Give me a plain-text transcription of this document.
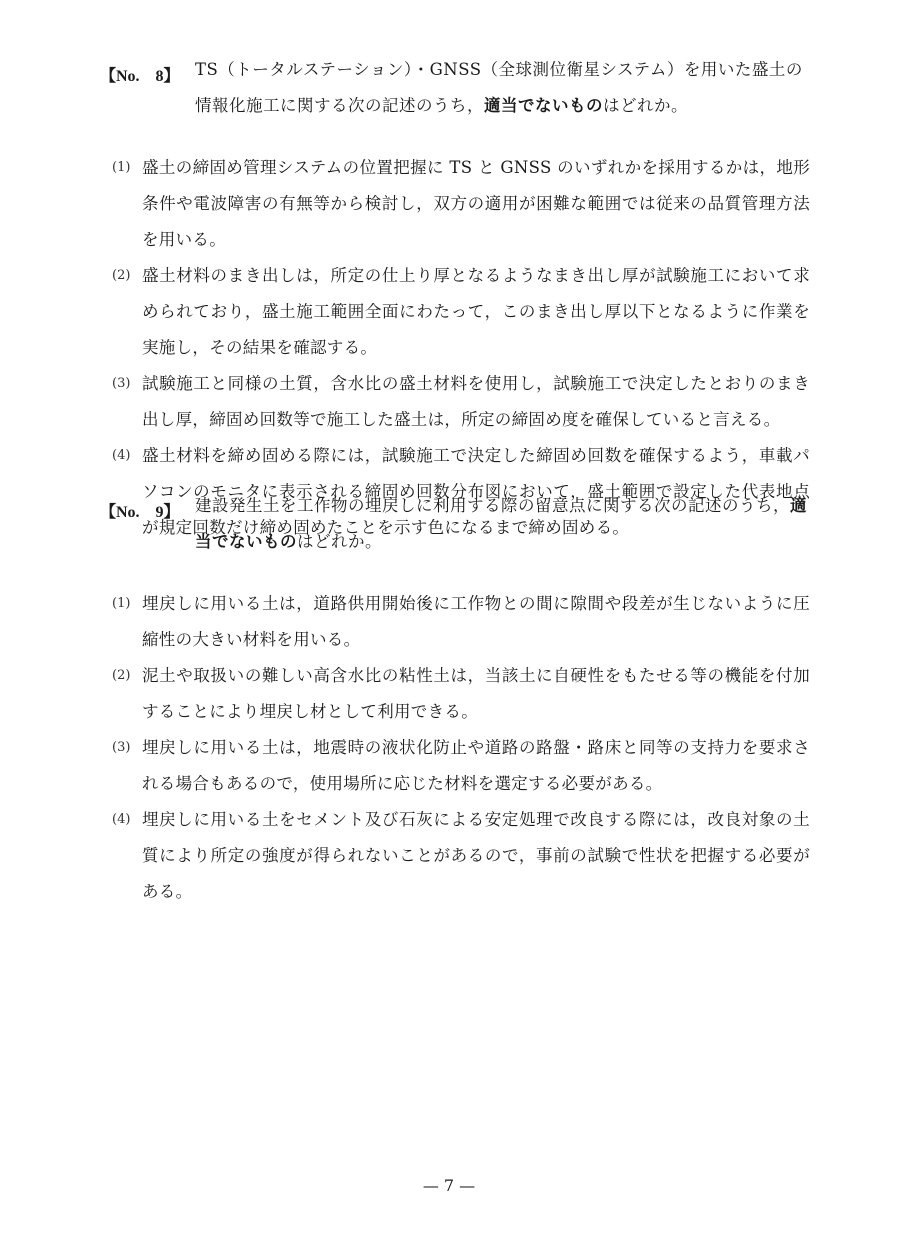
【No.　8】 TS（トータルステーション）・GNSS（全球測位衛星システム）を用いた盛土の情報化施工に関する次の記述のうち，適当でないものはどれか。
(1) 盛土の締固め管理システムの位置把握に TS と GNSS のいずれかを採用するかは，地形条件や電波障害の有無等から検討し，双方の適用が困難な範囲では従来の品質管理方法を用いる。
(2) 盛土材料のまき出しは，所定の仕上り厚となるようなまき出し厚が試験施工において求められており，盛土施工範囲全面にわたって，このまき出し厚以下となるように作業を実施し，その結果を確認する。
(3) 試験施工と同様の土質，含水比の盛土材料を使用し，試験施工で決定したとおりのまき出し厚，締固め回数等で施工した盛土は，所定の締固め度を確保していると言える。
(4) 盛土材料を締め固める際には，試験施工で決定した締固め回数を確保するよう，車載パソコンのモニタに表示される締固め回数分布図において，盛土範囲で設定した代表地点が規定回数だけ締め固めたことを示す色になるまで締め固める。
【No.　9】 建設発生土を工作物の埋戻しに利用する際の留意点に関する次の記述のうち，適当でないものはどれか。
(1) 埋戻しに用いる土は，道路供用開始後に工作物との間に隙間や段差が生じないように圧縮性の大きい材料を用いる。
(2) 泥土や取扱いの難しい高含水比の粘性土は，当該土に自硬性をもたせる等の機能を付加することにより埋戻し材として利用できる。
(3) 埋戻しに用いる土は，地震時の液状化防止や道路の路盤・路床と同等の支持力を要求される場合もあるので，使用場所に応じた材料を選定する必要がある。
(4) 埋戻しに用いる土をセメント及び石灰による安定処理で改良する際には，改良対象の土質により所定の強度が得られないことがあるので，事前の試験で性状を把握する必要がある。
— 7 —
